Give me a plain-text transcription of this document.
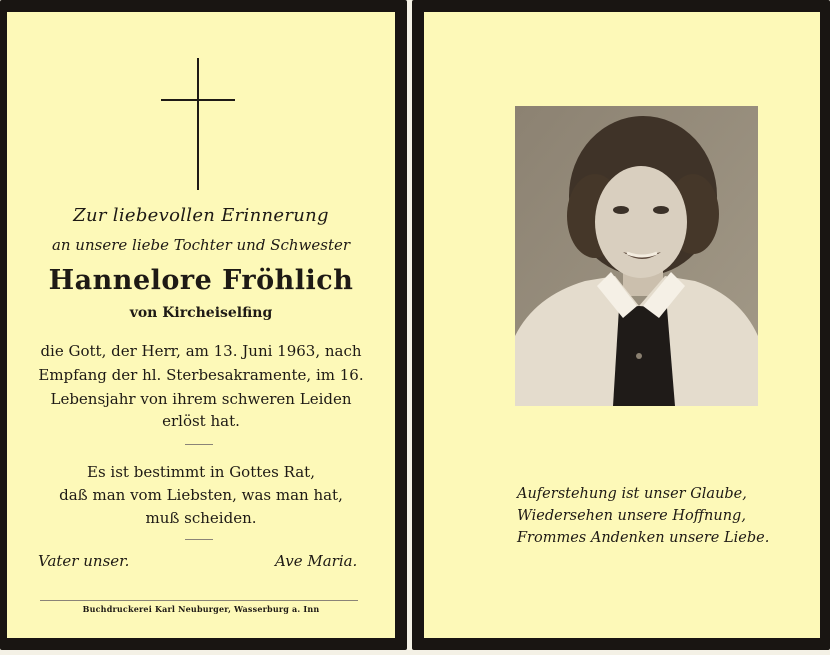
Zur liebevollen Erinnerung
an unsere liebe Tochter und Schwester
Hannelore Fröhlich
von Kircheiselfing
die Gott, der Herr, am 13. Juni 1963, nach
Empfang der hl. Sterbesakramente, im 16.
Lebensjahr von ihrem schweren Leiden
erlöst hat.
Es ist bestimmt in Gottes Rat,
daß man vom Liebsten, was man hat,
muß scheiden.
Vater unser.	Ave Maria.
Buchdruckerei Karl Neuburger, Wasserburg a. Inn
Auferstehung ist unser Glaube,
Wiedersehen unsere Hoffnung,
Frommes Andenken unsere Liebe.
